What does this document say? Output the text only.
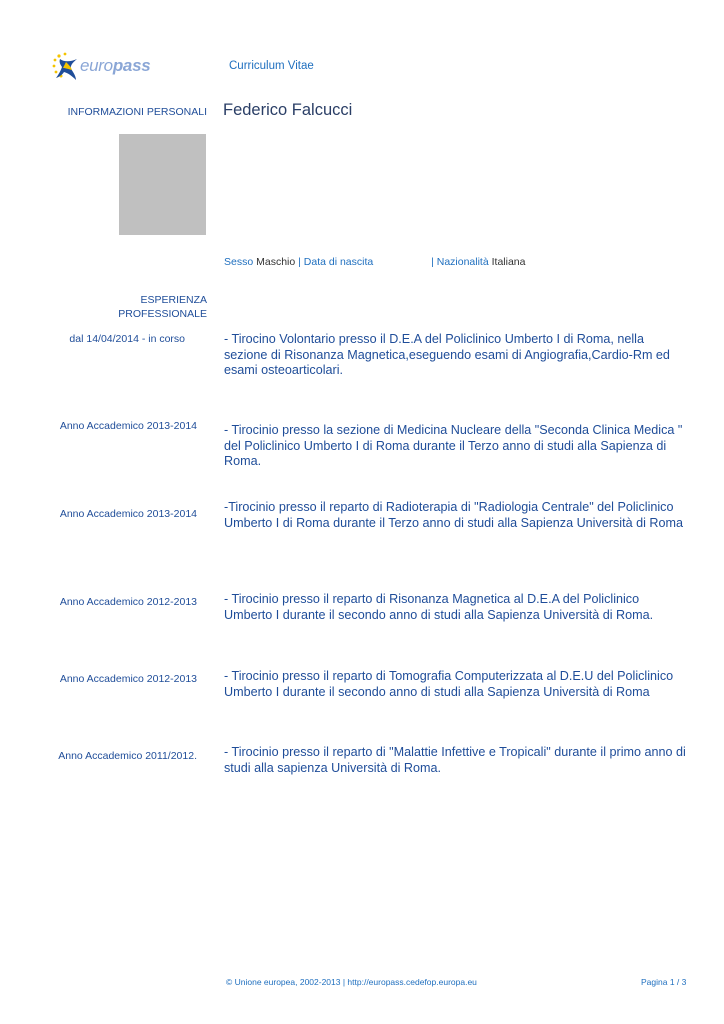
europass	Curriculum Vitae
INFORMAZIONI PERSONALI Federico Falcucci
Sesso Maschio | Data di nascita	| Nazionalità Italiana
ESPERIENZA
PROFESSIONALE
dal 14/04/2014 - in corso	- Tirocino Volontario presso il D.E.A del Policlinico Umberto I di Roma, nella sezione di Risonanza Magnetica,eseguendo esami di Angiografia,Cardio-Rm ed esami osteoarticolari.
Anno Accademico 2013-2014 - Tirocinio presso la sezione di Medicina Nucleare della "Seconda Clinica Medica " del Policlinico Umberto I di Roma durante il Terzo anno di studi alla Sapienza di Roma.
Anno Accademico 2013-2014 -Tirocinio presso il reparto di Radioterapia di "Radiologia Centrale" del Policlinico Umberto I di Roma durante il Terzo anno di studi alla Sapienza Università di Roma
Anno Accademico 2012-2013 - Tirocinio presso il reparto di Risonanza Magnetica al D.E.A del Policlinico Umberto I durante il secondo anno di studi alla Sapienza Università di Roma.
Anno Accademico 2012-2013 - Tirocinio presso il reparto di Tomografia Computerizzata al D.E.U del Policlinico Umberto I durante il secondo anno di studi alla Sapienza Università di Roma
Anno Accademico 2011/2012. - Tirocinio presso il reparto di "Malattie Infettive e Tropicali" durante il primo anno di studi alla sapienza Università di Roma.
© Unione europea, 2002-2013 | http://europass.cedefop.europa.eu	Pagina 1 / 3
